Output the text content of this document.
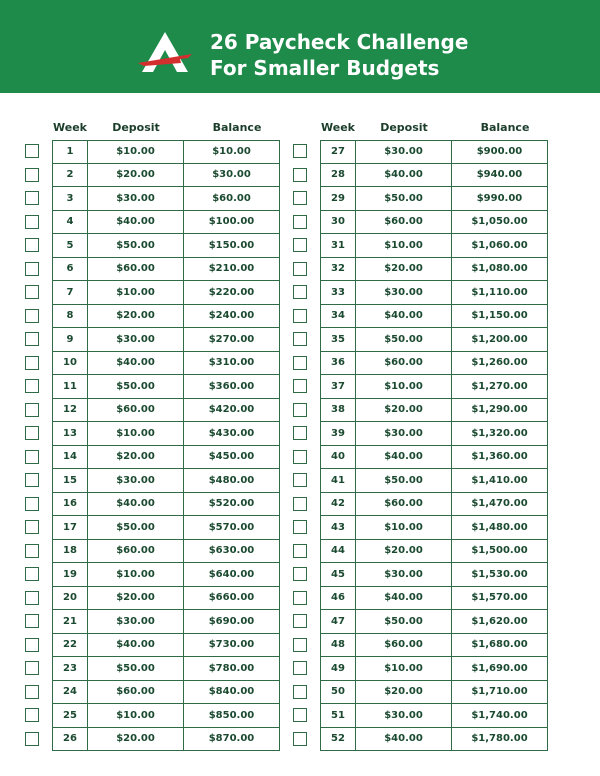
26 Paycheck Challenge
For Smaller Budgets
Week	Deposit	Balance
1	$10.00	$10.00
2	$20.00	$30.00
3	$30.00	$60.00
4	$40.00	$100.00
5	$50.00	$150.00
6	$60.00	$210.00
7	$10.00	$220.00
8	$20.00	$240.00
9	$30.00	$270.00
10	$40.00	$310.00
11	$50.00	$360.00
12	$60.00	$420.00
13	$10.00	$430.00
14	$20.00	$450.00
15	$30.00	$480.00
16	$40.00	$520.00
17	$50.00	$570.00
18	$60.00	$630.00
19	$10.00	$640.00
20	$20.00	$660.00
21	$30.00	$690.00
22	$40.00	$730.00
23	$50.00	$780.00
24	$60.00	$840.00
25	$10.00	$850.00
26	$20.00	$870.00
Week	Deposit	Balance
27	$30.00	$900.00
28	$40.00	$940.00
29	$50.00	$990.00
30	$60.00	$1,050.00
31	$10.00	$1,060.00
32	$20.00	$1,080.00
33	$30.00	$1,110.00
34	$40.00	$1,150.00
35	$50.00	$1,200.00
36	$60.00	$1,260.00
37	$10.00	$1,270.00
38	$20.00	$1,290.00
39	$30.00	$1,320.00
40	$40.00	$1,360.00
41	$50.00	$1,410.00
42	$60.00	$1,470.00
43	$10.00	$1,480.00
44	$20.00	$1,500.00
45	$30.00	$1,530.00
46	$40.00	$1,570.00
47	$50.00	$1,620.00
48	$60.00	$1,680.00
49	$10.00	$1,690.00
50	$20.00	$1,710.00
51	$30.00	$1,740.00
52	$40.00	$1,780.00
